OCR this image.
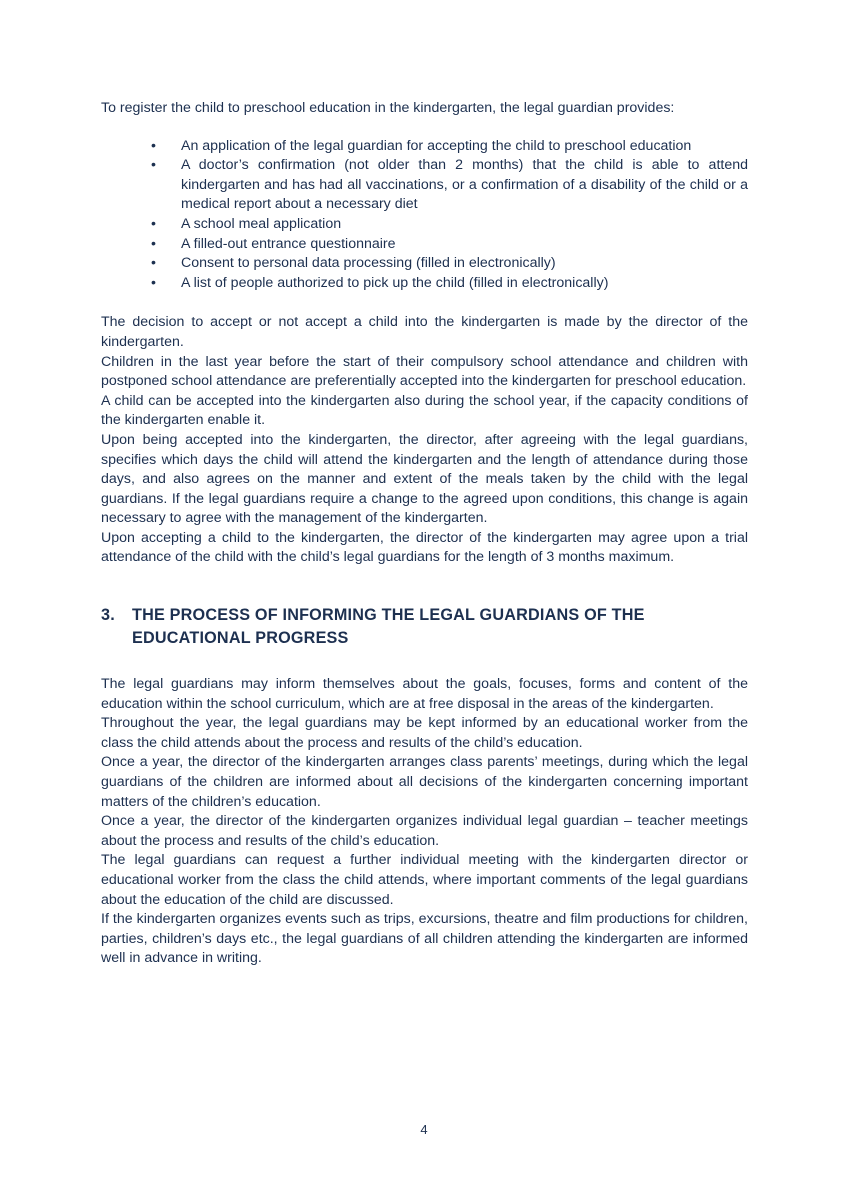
To register the child to preschool education in the kindergarten, the legal guardian provides:

• An application of the legal guardian for accepting the child to preschool education
• A doctor’s confirmation (not older than 2 months) that the child is able to attend kindergarten and has had all vaccinations, or a confirmation of a disability of the child or a medical report about a necessary diet
• A school meal application
• A filled-out entrance questionnaire
• Consent to personal data processing (filled in electronically)
• A list of people authorized to pick up the child (filled in electronically)

The decision to accept or not accept a child into the kindergarten is made by the director of the kindergarten.

Children in the last year before the start of their compulsory school attendance and children with postponed school attendance are preferentially accepted into the kindergarten for preschool education.

A child can be accepted into the kindergarten also during the school year, if the capacity conditions of the kindergarten enable it.

Upon being accepted into the kindergarten, the director, after agreeing with the legal guardians, specifies which days the child will attend the kindergarten and the length of attendance during those days, and also agrees on the manner and extent of the meals taken by the child with the legal guardians. If the legal guardians require a change to the agreed upon conditions, this change is again necessary to agree with the management of the kindergarten.

Upon accepting a child to the kindergarten, the director of the kindergarten may agree upon a trial attendance of the child with the child’s legal guardians for the length of 3 months maximum.

3.	THE PROCESS OF INFORMING THE LEGAL GUARDIANS OF THE EDUCATIONAL PROGRESS

The legal guardians may inform themselves about the goals, focuses, forms and content of the education within the school curriculum, which are at free disposal in the areas of the kindergarten.

Throughout the year, the legal guardians may be kept informed by an educational worker from the class the child attends about the process and results of the child’s education.

Once a year, the director of the kindergarten arranges class parents’ meetings, during which the legal guardians of the children are informed about all decisions of the kindergarten concerning important matters of the children’s education.

Once a year, the director of the kindergarten organizes individual legal guardian – teacher meetings about the process and results of the child’s education.

The legal guardians can request a further individual meeting with the kindergarten director or educational worker from the class the child attends, where important comments of the legal guardians about the education of the child are discussed.

If the kindergarten organizes events such as trips, excursions, theatre and film productions for children, parties, children’s days etc., the legal guardians of all children attending the kindergarten are informed well in advance in writing.

4
